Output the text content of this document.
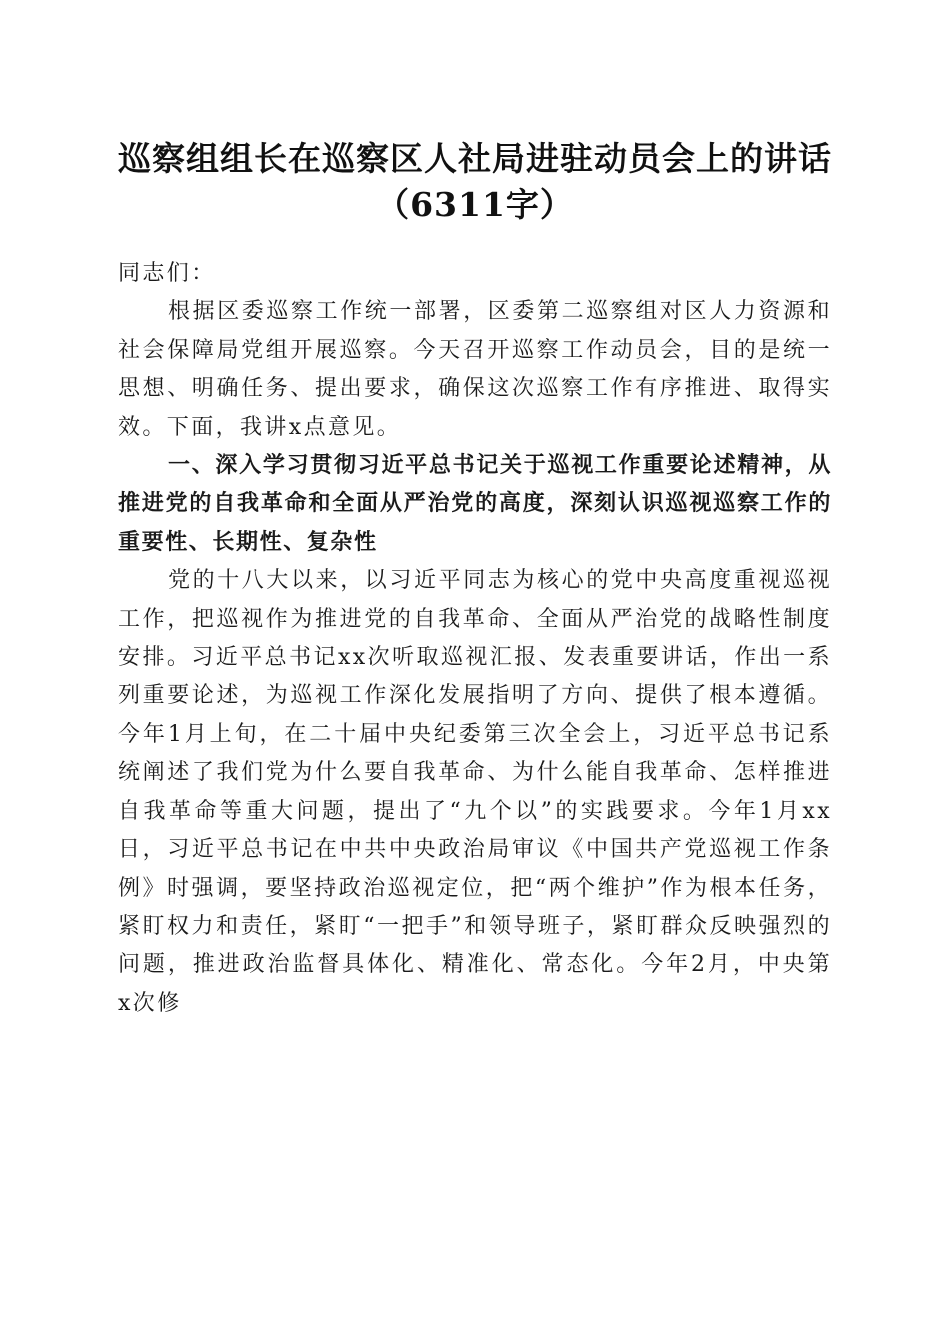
巡察组组长在巡察区人社局进驻动员会上的讲话（6311字）

同志们：

根据区委巡察工作统一部署，区委第二巡察组对区人力资源和社会保障局党组开展巡察。今天召开巡察工作动员会，目的是统一思想、明确任务、提出要求，确保这次巡察工作有序推进、取得实效。下面，我讲x点意见。

一、深入学习贯彻习近平总书记关于巡视工作重要论述精神，从推进党的自我革命和全面从严治党的高度，深刻认识巡视巡察工作的重要性、长期性、复杂性

党的十八大以来，以习近平同志为核心的党中央高度重视巡视工作，把巡视作为推进党的自我革命、全面从严治党的战略性制度安排。习近平总书记xx次听取巡视汇报、发表重要讲话，作出一系列重要论述，为巡视工作深化发展指明了方向、提供了根本遵循。今年1月上旬，在二十届中央纪委第三次全会上，习近平总书记系统阐述了我们党为什么要自我革命、为什么能自我革命、怎样推进自我革命等重大问题，提出了“九个以”的实践要求。今年1月xx日，习近平总书记在中共中央政治局审议《中国共产党巡视工作条例》时强调，要坚持政治巡视定位，把“两个维护”作为根本任务，紧盯权力和责任，紧盯“一把手”和领导班子，紧盯群众反映强烈的问题，推进政治监督具体化、精准化、常态化。今年2月，中央第x次修
